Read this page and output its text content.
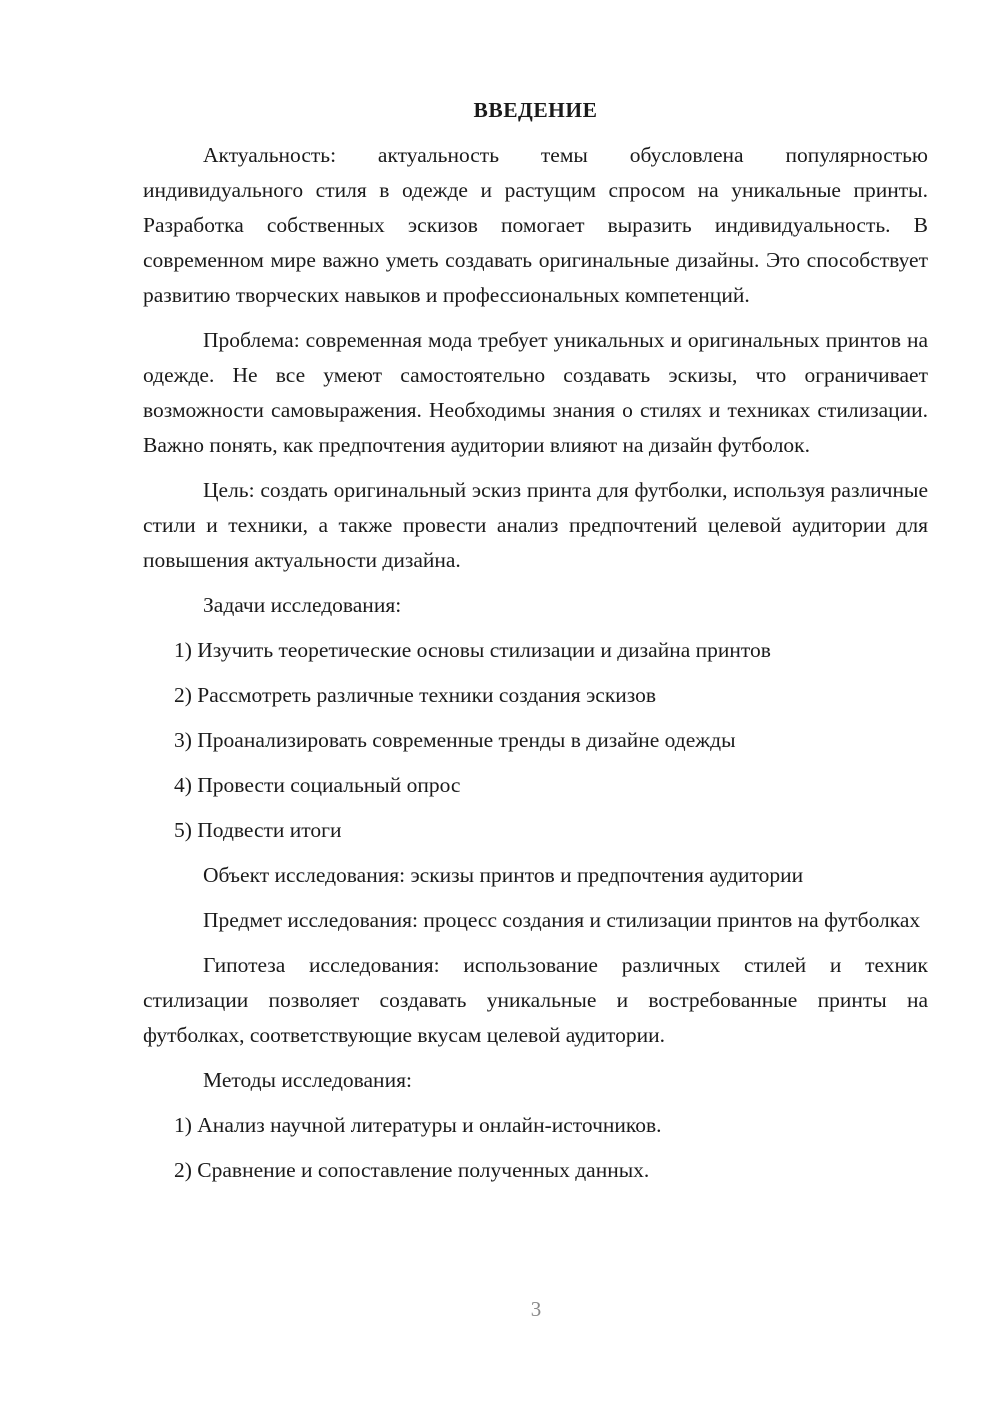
ВВЕДЕНИЕ

Актуальность: актуальность темы обусловлена популярностью индивидуального стиля в одежде и растущим спросом на уникальные принты. Разработка собственных эскизов помогает выразить индивидуальность. В современном мире важно уметь создавать оригинальные дизайны. Это способствует развитию творческих навыков и профессиональных компетенций.

Проблема: современная мода требует уникальных и оригинальных принтов на одежде. Не все умеют самостоятельно создавать эскизы, что ограничивает возможности самовыражения. Необходимы знания о стилях и техниках стилизации. Важно понять, как предпочтения аудитории влияют на дизайн футболок.

Цель: создать оригинальный эскиз принта для футболки, используя различные стили и техники, а также провести анализ предпочтений целевой аудитории для повышения актуальности дизайна.

Задачи исследования:

1) Изучить теоретические основы стилизации и дизайна принтов

2) Рассмотреть различные техники создания эскизов

3) Проанализировать современные тренды в дизайне одежды

4) Провести социальный опрос

5) Подвести итоги

Объект исследования: эскизы принтов и предпочтения аудитории

Предмет исследования: процесс создания и стилизации принтов на футболках

Гипотеза исследования: использование различных стилей и техник стилизации позволяет создавать уникальные и востребованные принты на футболках, соответствующие вкусам целевой аудитории.

Методы исследования:

1) Анализ научной литературы и онлайн-источников.

2) Сравнение и сопоставление полученных данных.

3
